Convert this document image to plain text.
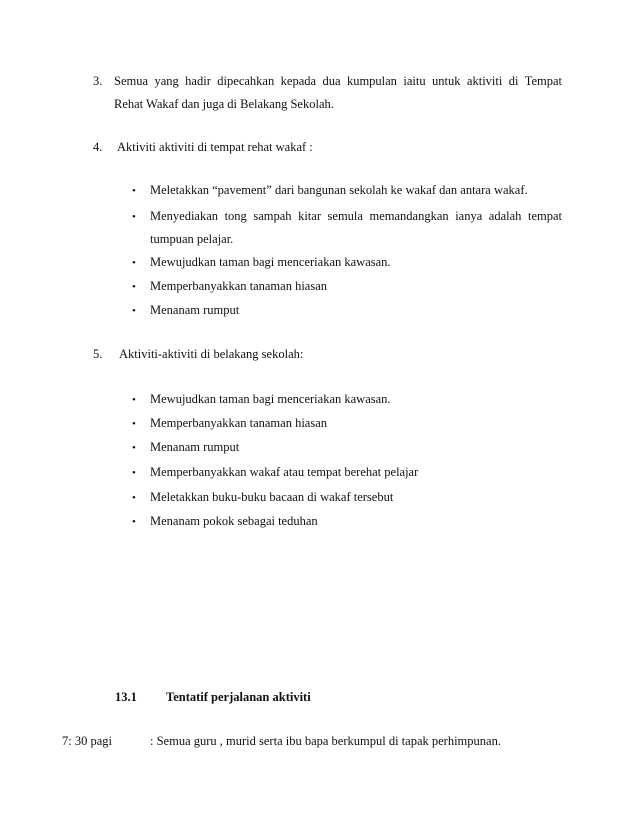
3. Semua yang hadir dipecahkan kepada dua kumpulan iaitu untuk aktiviti di Tempat
Rehat Wakaf dan juga di Belakang Sekolah.
4. Aktiviti aktiviti di tempat rehat wakaf :
• Meletakkan “pavement” dari bangunan sekolah ke wakaf dan antara wakaf.
• Menyediakan tong sampah kitar semula memandangkan ianya adalah tempat
tumpuan pelajar.
• Mewujudkan taman bagi menceriakan kawasan.
• Memperbanyakkan tanaman hiasan
• Menanam rumput
5. Aktiviti-aktiviti di belakang sekolah:
• Mewujudkan taman bagi menceriakan kawasan.
• Memperbanyakkan tanaman hiasan
• Menanam rumput
• Memperbanyakkan wakaf atau tempat berehat pelajar
• Meletakkan buku-buku bacaan di wakaf tersebut
• Menanam pokok sebagai teduhan
13.1 Tentatif perjalanan aktiviti
7: 30 pagi	: Semua guru , murid serta ibu bapa berkumpul di tapak perhimpunan.
